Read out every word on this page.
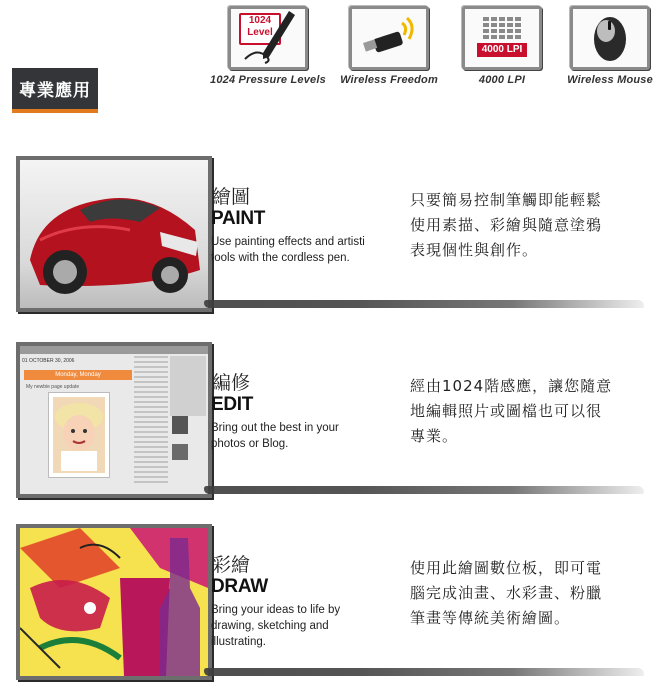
1024
Level
1024 Pressure Levels	Wireless Freedom
4000 LPI
4000 LPI	Wireless Mouse
專業應用
繪圖
PAINT
Use painting effects and artisti
tools with the cordless pen.
只要簡易控制筆觸即能輕鬆
使用素描、彩繪與隨意塗鴉
表現個性與創作。
01 OCTOBER 30, 2006
Monday, Monday
My newbie page update	編修
EDIT
Bring out the best in your
photos or Blog.
經由1024階感應，讓您隨意
地編輯照片或圖檔也可以很
專業。
彩繪
DRAW
Bring your ideas to life by
drawing, sketching and
illustrating.
使用此繪圖數位板，即可電
腦完成油畫、水彩畫、粉臘
筆畫等傳統美術繪圖。
